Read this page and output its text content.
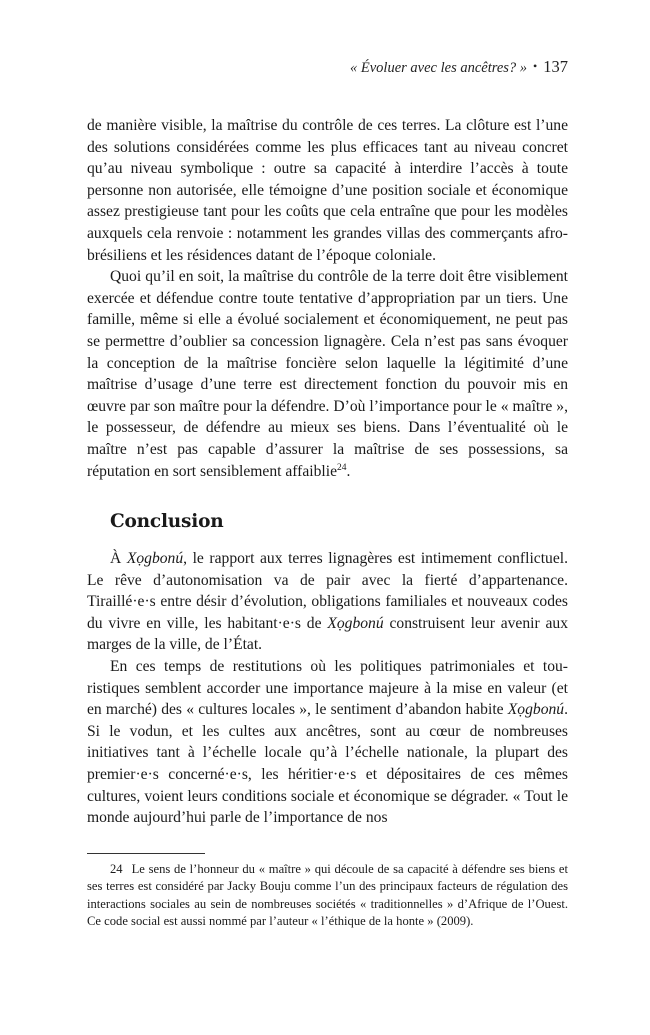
« Évoluer avec les ancêtres? » • 137

de manière visible, la maîtrise du contrôle de ces terres. La clôture est l’une des solutions considérées comme les plus efficaces tant au niveau concret qu’au niveau symbolique : outre sa capacité à interdire l’accès à toute personne non autorisée, elle témoigne d’une position sociale et économique assez prestigieuse tant pour les coûts que cela entraîne que pour les modèles auxquels cela renvoie : notamment les grandes villas des commerçants afro-brésiliens et les résidences datant de l’époque coloniale.

Quoi qu’il en soit, la maîtrise du contrôle de la terre doit être visiblement exercée et défendue contre toute tentative d’appropriation par un tiers. Une famille, même si elle a évolué socialement et économiquement, ne peut pas se permettre d’oublier sa concession lignagère. Cela n’est pas sans évoquer la conception de la maîtrise foncière selon laquelle la légitimité d’une maîtrise d’usage d’une terre est directement fonction du pouvoir mis en œuvre par son maître pour la défendre. D’où l’importance pour le « maître », le possesseur, de défendre au mieux ses biens. Dans l’éventualité où le maître n’est pas capable d’assurer la maîtrise de ses possessions, sa réputation en sort sensiblement affaiblie$^{24}$.

Conclusion

À Xọgbonú, le rapport aux terres lignagères est intimement conflictuel. Le rêve d’autonomisation va de pair avec la fierté d’appartenance. Tiraillé·e·s entre désir d’évolution, obligations familiales et nouveaux codes du vivre en ville, les habitant·e·s de Xọgbonú construisent leur avenir aux marges de la ville, de l’État.

En ces temps de restitutions où les politiques patrimoniales et touristiques semblent accorder une importance majeure à la mise en valeur (et en marché) des « cultures locales », le sentiment d’abandon habite Xọgbonú. Si le vodun, et les cultes aux ancêtres, sont au cœur de nombreuses initiatives tant à l’échelle locale qu’à l’échelle nationale, la plupart des premier·e·s concerné·e·s, les héritier·e·s et dépositaires de ces mêmes cultures, voient leurs conditions sociale et économique se dégrader. « Tout le monde aujourd’hui parle de l’importance de nos

24 Le sens de l’honneur du « maître » qui découle de sa capacité à défendre ses biens et ses terres est considéré par Jacky Bouju comme l’un des principaux facteurs de régulation des interactions sociales au sein de nombreuses sociétés « traditionnelles » d’Afrique de l’Ouest. Ce code social est aussi nommé par l’auteur « l’éthique de la honte » (2009).
